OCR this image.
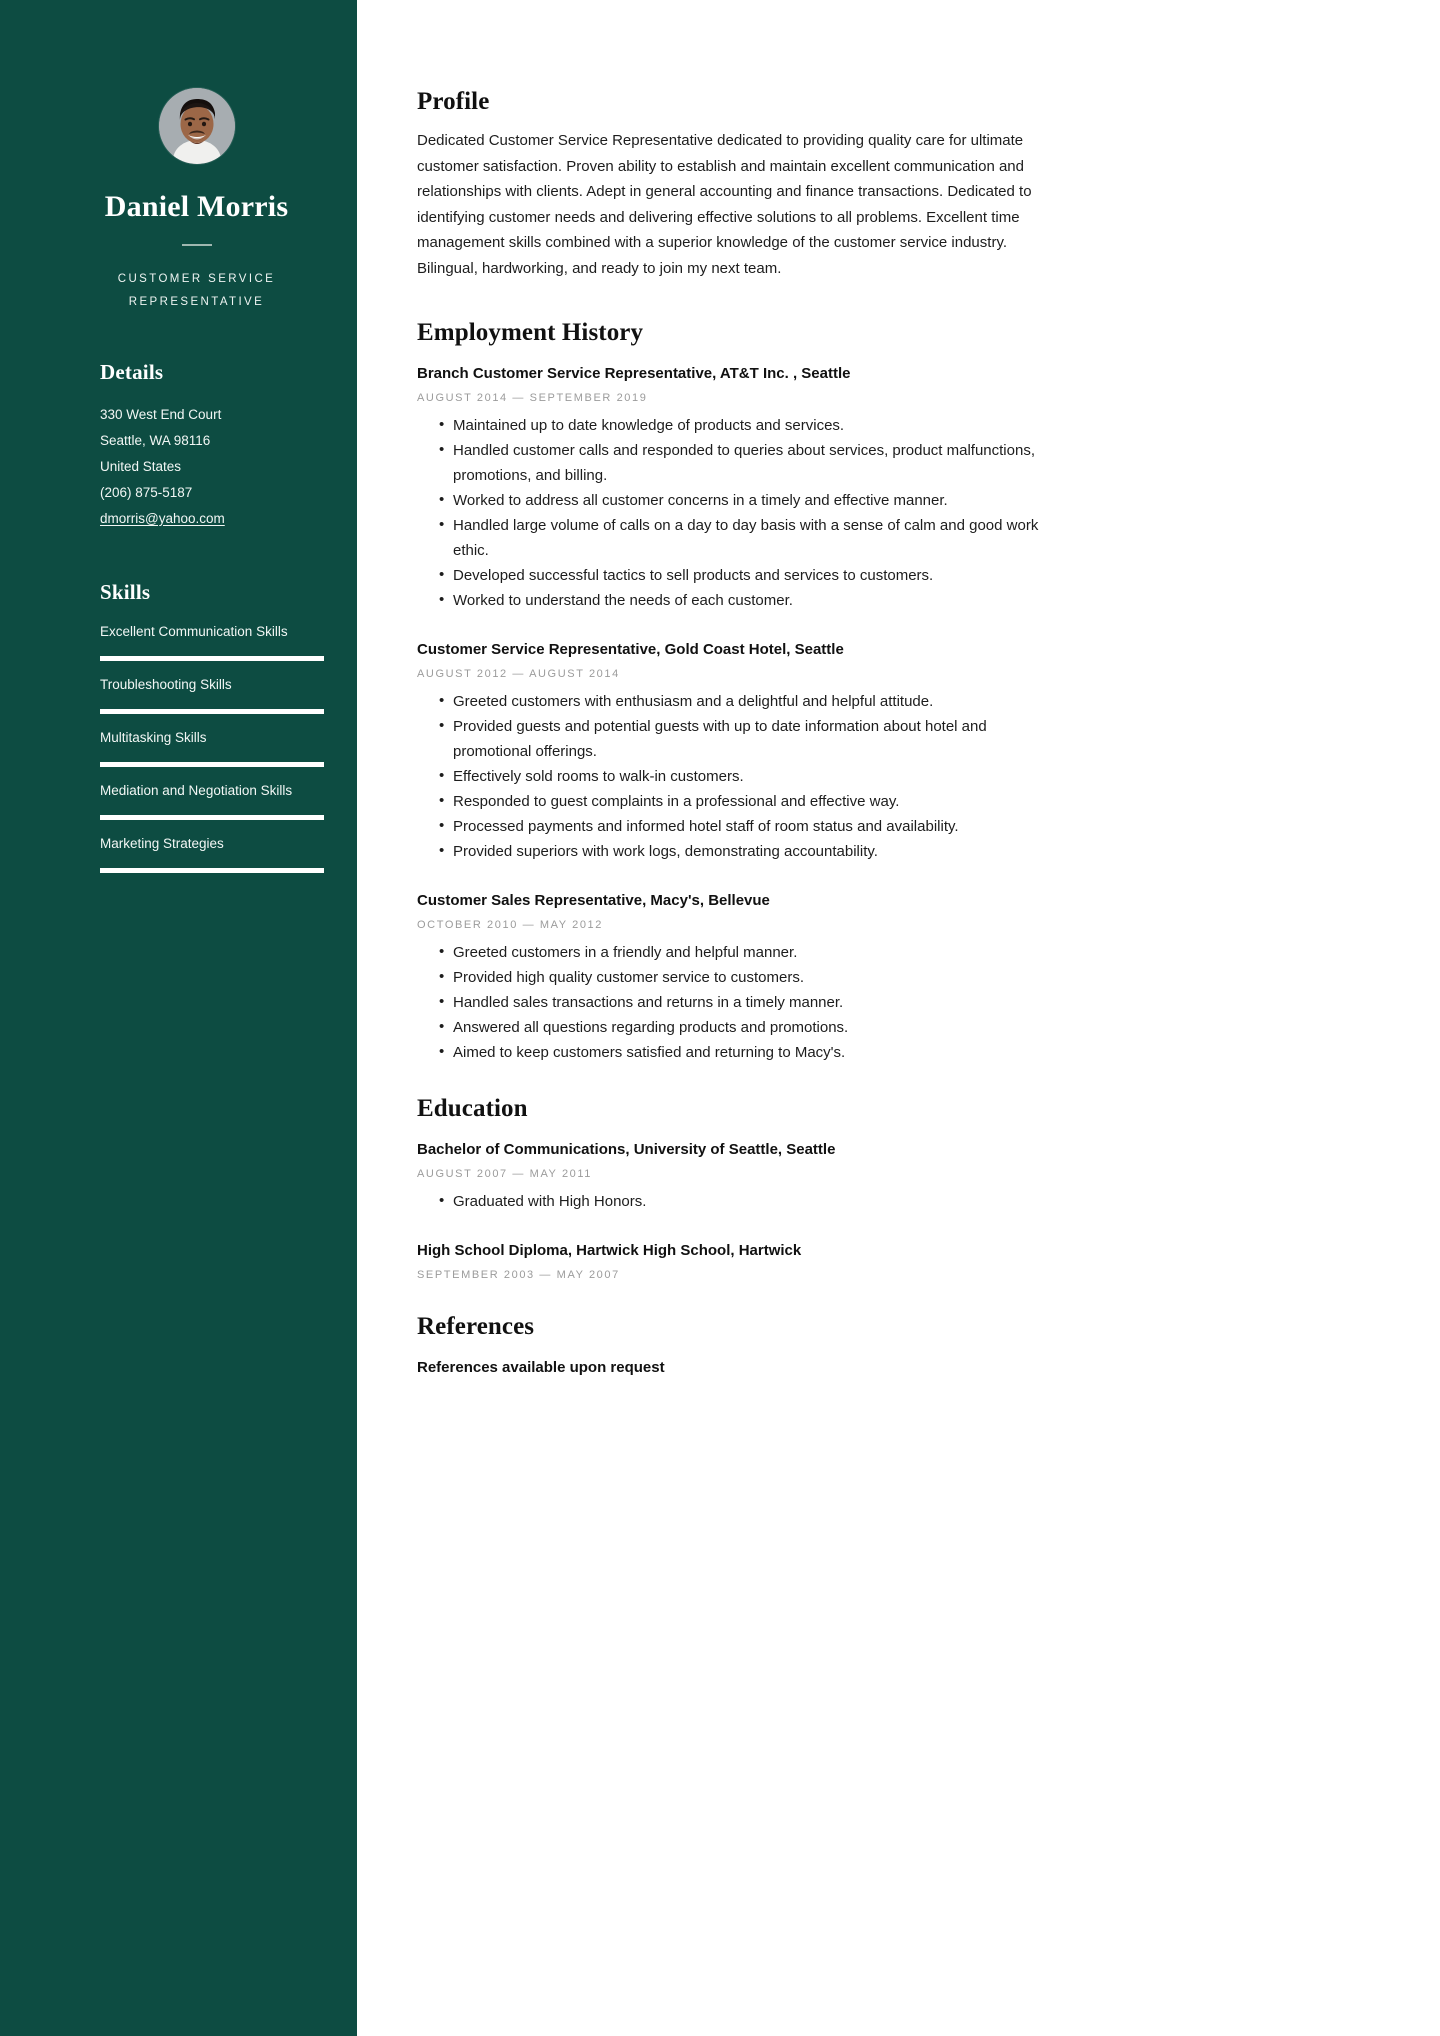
Daniel Morris
CUSTOMER SERVICE REPRESENTATIVE
Details
330 West End Court
Seattle, WA 98116
United States
(206) 875-5187
dmorris@yahoo.com
Skills
Excellent Communication Skills
Troubleshooting Skills
Multitasking Skills
Mediation and Negotiation Skills
Marketing Strategies
Profile

Dedicated Customer Service Representative dedicated to providing quality care for ultimate customer satisfaction. Proven ability to establish and maintain excellent communication and relationships with clients. Adept in general accounting and finance transactions. Dedicated to identifying customer needs and delivering effective solutions to all problems. Excellent time management skills combined with a superior knowledge of the customer service industry. Bilingual, hardworking, and ready to join my next team.

Employment History
Branch Customer Service Representative, AT&T Inc. , Seattle
AUGUST 2014 — SEPTEMBER 2019
• Maintained up to date knowledge of products and services.
• Handled customer calls and responded to queries about services, product malfunctions, promotions, and billing.
• Worked to address all customer concerns in a timely and effective manner.
• Handled large volume of calls on a day to day basis with a sense of calm and good work ethic.
• Developed successful tactics to sell products and services to customers.
• Worked to understand the needs of each customer.
Customer Service Representative, Gold Coast Hotel, Seattle
AUGUST 2012 — AUGUST 2014
• Greeted customers with enthusiasm and a delightful and helpful attitude.
• Provided guests and potential guests with up to date information about hotel and promotional offerings.
• Effectively sold rooms to walk-in customers.
• Responded to guest complaints in a professional and effective way.
• Processed payments and informed hotel staff of room status and availability.
• Provided superiors with work logs, demonstrating accountability.
Customer Sales Representative, Macy's, Bellevue
OCTOBER 2010 — MAY 2012
• Greeted customers in a friendly and helpful manner.
• Provided high quality customer service to customers.
• Handled sales transactions and returns in a timely manner.
• Answered all questions regarding products and promotions.
• Aimed to keep customers satisfied and returning to Macy's.
Education
Bachelor of Communications, University of Seattle, Seattle
AUGUST 2007 — MAY 2011
• Graduated with High Honors.
High School Diploma, Hartwick High School, Hartwick
SEPTEMBER 2003 — MAY 2007
References
References available upon request
